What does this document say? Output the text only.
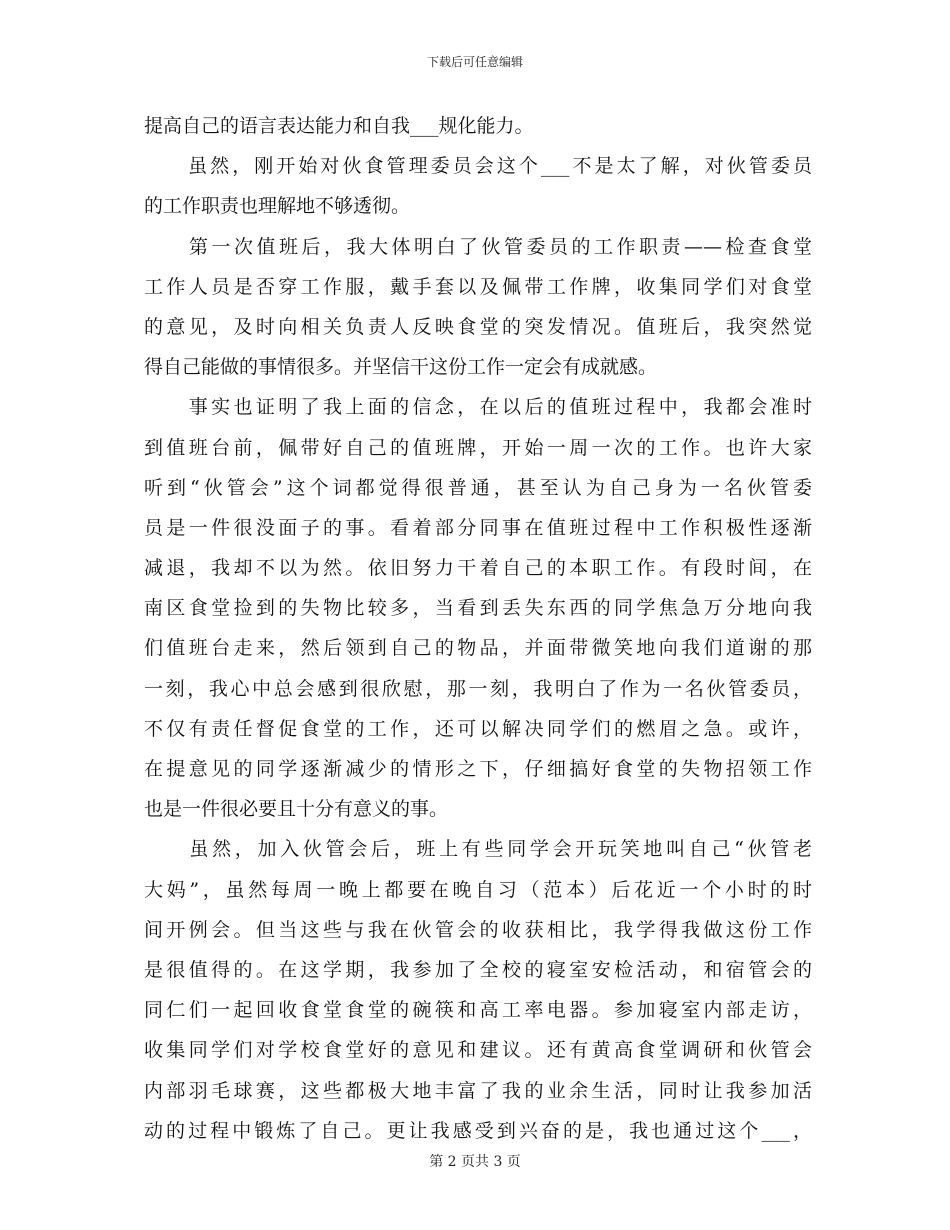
下载后可任意编辑
提高自己的语言表达能力和自我___规化能力。
　　虽然，刚开始对伙食管理委员会这个___不是太了解，对伙管委员
的工作职责也理解地不够透彻。
　　第一次值班后，我大体明白了伙管委员的工作职责——检查食堂
工作人员是否穿工作服，戴手套以及佩带工作牌，收集同学们对食堂
的意见，及时向相关负责人反映食堂的突发情况。值班后，我突然觉
得自己能做的事情很多。并坚信干这份工作一定会有成就感。
　　事实也证明了我上面的信念，在以后的值班过程中，我都会准时
到值班台前，佩带好自己的值班牌，开始一周一次的工作。也许大家
听到“伙管会”这个词都觉得很普通，甚至认为自己身为一名伙管委
员是一件很没面子的事。看着部分同事在值班过程中工作积极性逐渐
减退，我却不以为然。依旧努力干着自己的本职工作。有段时间，在
南区食堂捡到的失物比较多，当看到丢失东西的同学焦急万分地向我
们值班台走来，然后领到自己的物品，并面带微笑地向我们道谢的那
一刻，我心中总会感到很欣慰，那一刻，我明白了作为一名伙管委员，
不仅有责任督促食堂的工作，还可以解决同学们的燃眉之急。或许，
在提意见的同学逐渐减少的情形之下，仔细搞好食堂的失物招领工作
也是一件很必要且十分有意义的事。
　　虽然，加入伙管会后，班上有些同学会开玩笑地叫自己“伙管老
大妈”，虽然每周一晚上都要在晚自习（范本）后花近一个小时的时
间开例会。但当这些与我在伙管会的收获相比，我学得我做这份工作
是很值得的。在这学期，我参加了全校的寝室安检活动，和宿管会的
同仁们一起回收食堂食堂的碗筷和高工率电器。参加寝室内部走访，
收集同学们对学校食堂好的意见和建议。还有黄高食堂调研和伙管会
内部羽毛球赛，这些都极大地丰富了我的业余生活，同时让我参加活
动的过程中锻炼了自己。更让我感受到兴奋的是，我也通过这个___，
第 2 页共 3 页
